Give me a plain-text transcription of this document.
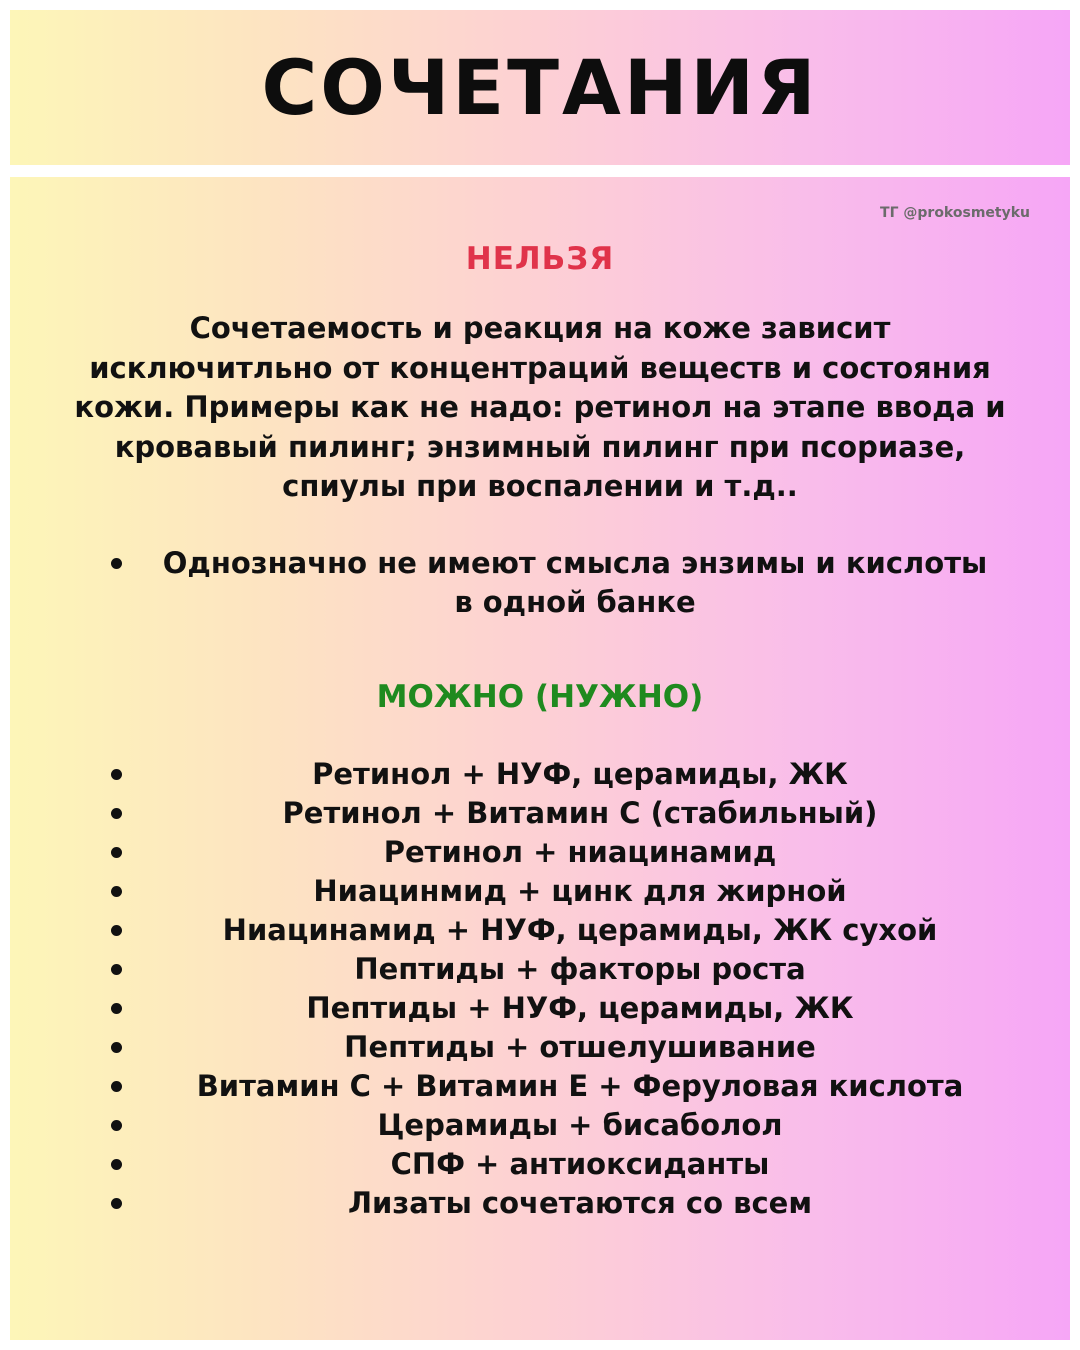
СОЧЕТАНИЯ
ТГ @prokosmetyku
НЕЛЬЗЯ

Сочетаемость и реакция на коже зависит исключитльно от концентраций веществ и состояния кожи. Примеры как не надо: ретинол на этапе ввода и кровавый пилинг; энзимный пилинг при псориазе, спиулы при воспалении и т.д..

Однозначно не имеют смысла энзимы и кислоты в одной банке
МОЖНО (НУЖНО)
Ретинол + НУФ, церамиды, ЖК
Ретинол + Витамин С (стабильный)
Ретинол + ниацинамид
Ниацинмид + цинк для жирной
Ниацинамид + НУФ, церамиды, ЖК сухой
Пептиды + факторы роста
Пептиды + НУФ, церамиды, ЖК
Пептиды + отшелушивание
Витамин С + Витамин Е + Феруловая кислота
Церамиды + бисаболол
СПФ + антиоксиданты
Лизаты сочетаются со всем
